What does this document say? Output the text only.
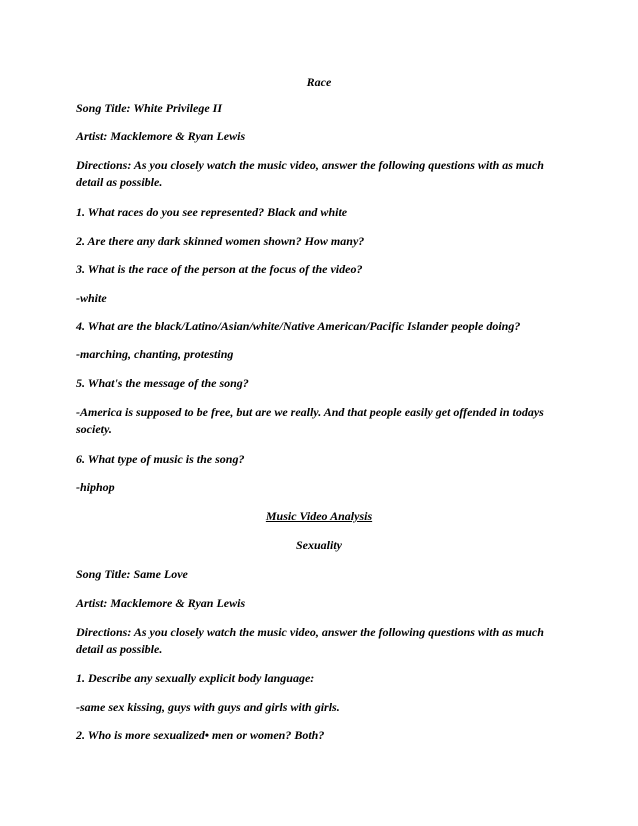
Race
Song Title: White Privilege II
Artist: Macklemore & Ryan Lewis
Directions: As you closely watch the music video, answer the following questions with as much detail as possible.
1. What races do you see represented? Black and white
2. Are there any dark skinned women shown? How many?
3. What is the race of the person at the focus of the video?
-white
4. What are the black/Latino/Asian/white/Native American/Pacific Islander people doing?
-marching, chanting, protesting
5. What's the message of the song?
-America is supposed to be free, but are we really. And that people easily get offended in todays society.
6. What type of music is the song?
-hiphop
Music Video Analysis
Sexuality
Song Title: Same Love
Artist: Macklemore & Ryan Lewis
Directions: As you closely watch the music video, answer the following questions with as much detail as possible.
1. Describe any sexually explicit body language:
-same sex kissing, guys with guys and girls with girls.
2. Who is more sexualized• men or women? Both?
